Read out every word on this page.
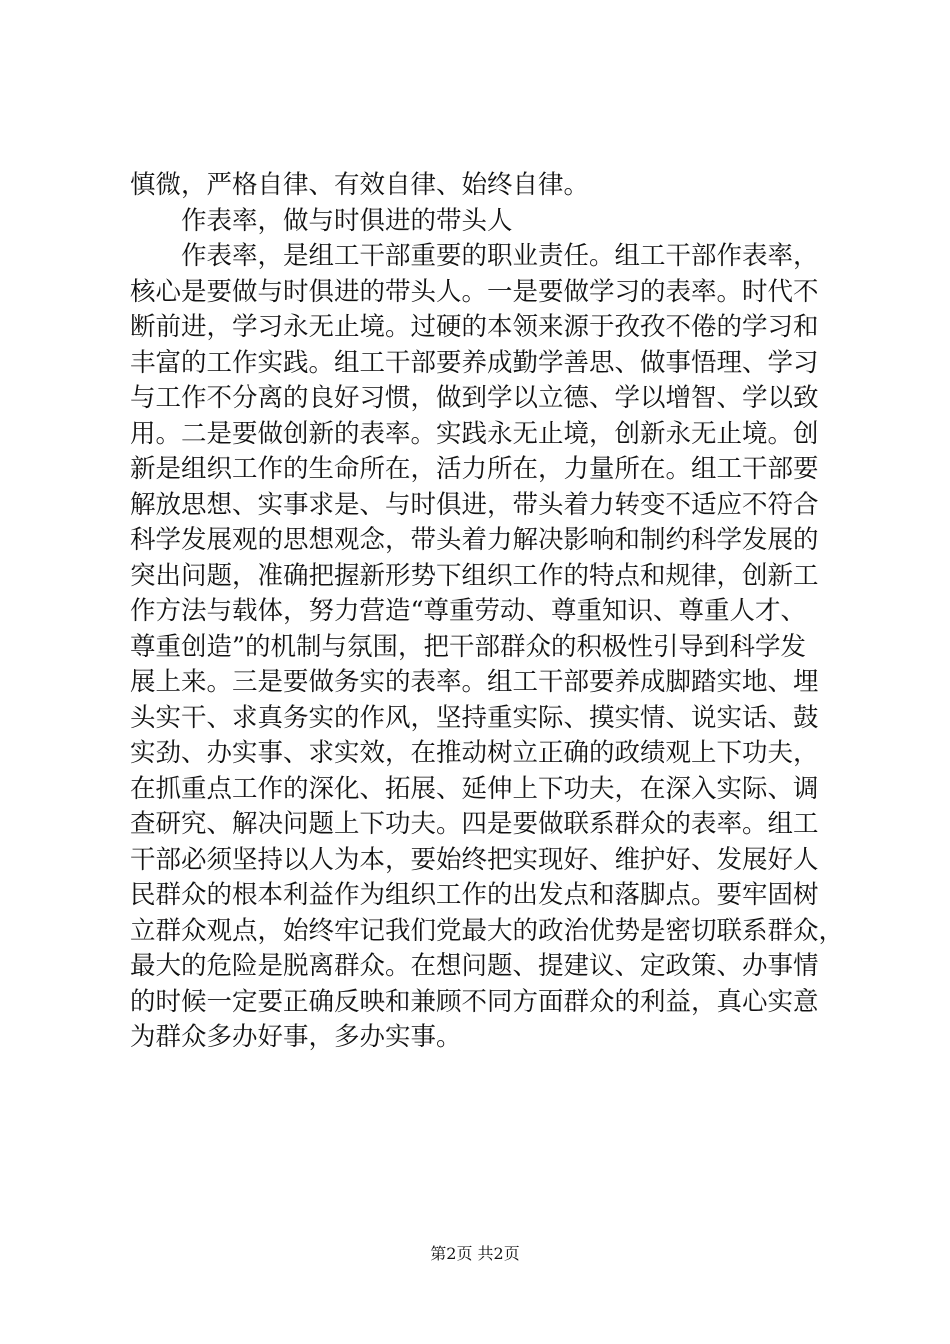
慎微，严格自律、有效自律、始终自律。
作表率，做与时俱进的带头人
作表率，是组工干部重要的职业责任。组工干部作表率，
核心是要做与时俱进的带头人。一是要做学习的表率。时代不
断前进，学习永无止境。过硬的本领来源于孜孜不倦的学习和
丰富的工作实践。组工干部要养成勤学善思、做事悟理、学习
与工作不分离的良好习惯，做到学以立德、学以增智、学以致
用。二是要做创新的表率。实践永无止境，创新永无止境。创
新是组织工作的生命所在，活力所在，力量所在。组工干部要
解放思想、实事求是、与时俱进，带头着力转变不适应不符合
科学发展观的思想观念，带头着力解决影响和制约科学发展的
突出问题，准确把握新形势下组织工作的特点和规律，创新工
作方法与载体，努力营造“尊重劳动、尊重知识、尊重人才、
尊重创造”的机制与氛围，把干部群众的积极性引导到科学发
展上来。三是要做务实的表率。组工干部要养成脚踏实地、埋
头实干、求真务实的作风，坚持重实际、摸实情、说实话、鼓
实劲、办实事、求实效，在推动树立正确的政绩观上下功夫，
在抓重点工作的深化、拓展、延伸上下功夫，在深入实际、调
查研究、解决问题上下功夫。四是要做联系群众的表率。组工
干部必须坚持以人为本，要始终把实现好、维护好、发展好人
民群众的根本利益作为组织工作的出发点和落脚点。要牢固树
立群众观点，始终牢记我们党最大的政治优势是密切联系群众，
最大的危险是脱离群众。在想问题、提建议、定政策、办事情
的时候一定要正确反映和兼顾不同方面群众的利益，真心实意
为群众多办好事，多办实事。
第2页 共2页
